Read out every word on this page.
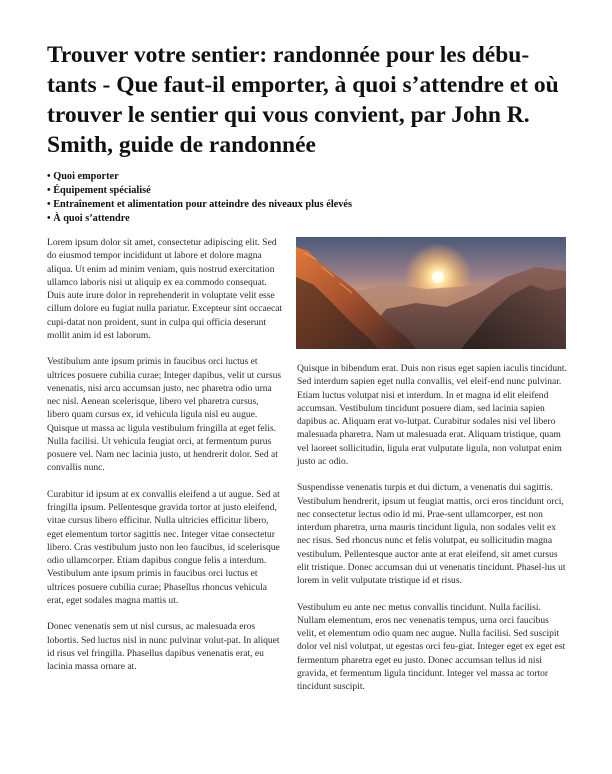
Trouver votre sentier: randonnée pour les débu-tants - Que faut-il emporter, à quoi s’attendre et où trouver le sentier qui vous convient, par John R. Smith, guide de randonnée
• Quoi emporter
• Équipement spécialisé
• Entraînement et alimentation pour atteindre des niveaux plus élevés
• À quoi s’attendre

Lorem ipsum dolor sit amet, consectetur adipiscing elit. Sed do eiusmod tempor incididunt ut labore et dolore magna aliqua. Ut enim ad minim veniam, quis nostrud exercitation ullamco laboris nisi ut aliquip ex ea commodo consequat. Duis aute irure dolor in reprehenderit in voluptate velit esse cillum dolore eu fugiat nulla pariatur. Excepteur sint occaecat cupi-datat non proident, sunt in culpa qui officia deserunt mollit anim id est laborum.

Vestibulum ante ipsum primis in faucibus orci luctus et ultrices posuere cubilia curae; Integer dapibus, velit ut cursus venenatis, nisi arcu accumsan justo, nec pharetra odio urna nec nisl. Aenean scelerisque, libero vel pharetra cursus, libero quam cursus ex, id vehicula ligula nisl eu augue. Quisque ut massa ac ligula vestibulum fringilla at eget felis. Nulla facilisi. Ut vehicula feugiat orci, at fermentum purus posuere vel. Nam nec lacinia justo, ut hendrerit dolor. Sed at convallis nunc.

Curabitur id ipsum at ex convallis eleifend a ut augue. Sed at fringilla ipsum. Pellentesque gravida tortor at justo eleifend, vitae cursus libero efficitur. Nulla ultricies efficitur libero, eget elementum tortor sagittis nec. Integer vitae consectetur libero. Cras vestibulum justo non leo faucibus, id scelerisque odio ullamcorper. Etiam dapibus congue felis a interdum. Vestibulum ante ipsum primis in faucibus orci luctus et ultrices posuere cubilia curae; Phasellus rhoncus vehicula erat, eget sodales magna mattis ut.

Donec venenatis sem ut nisl cursus, ac malesuada eros lobortis. Sed luctus nisl in nunc pulvinar volut-pat. In aliquet id risus vel fringilla. Phasellus dapibus venenatis erat, eu lacinia massa ornare at.

Quisque in bibendum erat. Duis non risus eget sapien iaculis tincidunt. Sed interdum sapien eget nulla convallis, vel eleif-end nunc pulvinar. Etiam luctus volutpat nisi et interdum. In et magna id elit eleifend accumsan. Vestibulum tincidunt posuere diam, sed lacinia sapien dapibus ac. Aliquam erat vo-lutpat. Curabitur sodales nisi vel libero malesuada pharetra. Nam ut malesuada erat. Aliquam tristique, quam vel laoreet sollicitudin, ligula erat vulputate ligula, non volutpat enim justo ac odio.

Suspendisse venenatis turpis et dui dictum, a venenatis dui sagittis. Vestibulum hendrerit, ipsum ut feugiat mattis, orci eros tincidunt orci, nec consectetur lectus odio id mi. Prae-sent ullamcorper, est non interdum pharetra, urna mauris tincidunt ligula, non sodales velit ex nec risus. Sed rhoncus nunc et felis volutpat, eu sollicitudin magna vestibulum. Pellentesque auctor ante at erat eleifend, sit amet cursus elit tristique. Donec accumsan dui ut venenatis tincidunt. Phasel-lus ut lorem in velit vulputate tristique id et risus.

Vestibulum eu ante nec metus convallis tincidunt. Nulla facilisi. Nullam elementum, eros nec venenatis tempus, urna orci faucibus velit, et elementum odio quam nec augue. Nulla facilisi. Sed suscipit dolor vel nisl volutpat, ut egestas orci feu-giat. Integer eget ex eget est fermentum pharetra eget eu justo. Donec accumsan tellus id nisi gravida, et fermentum ligula tincidunt. Integer vel massa ac tortor tincidunt suscipit.
